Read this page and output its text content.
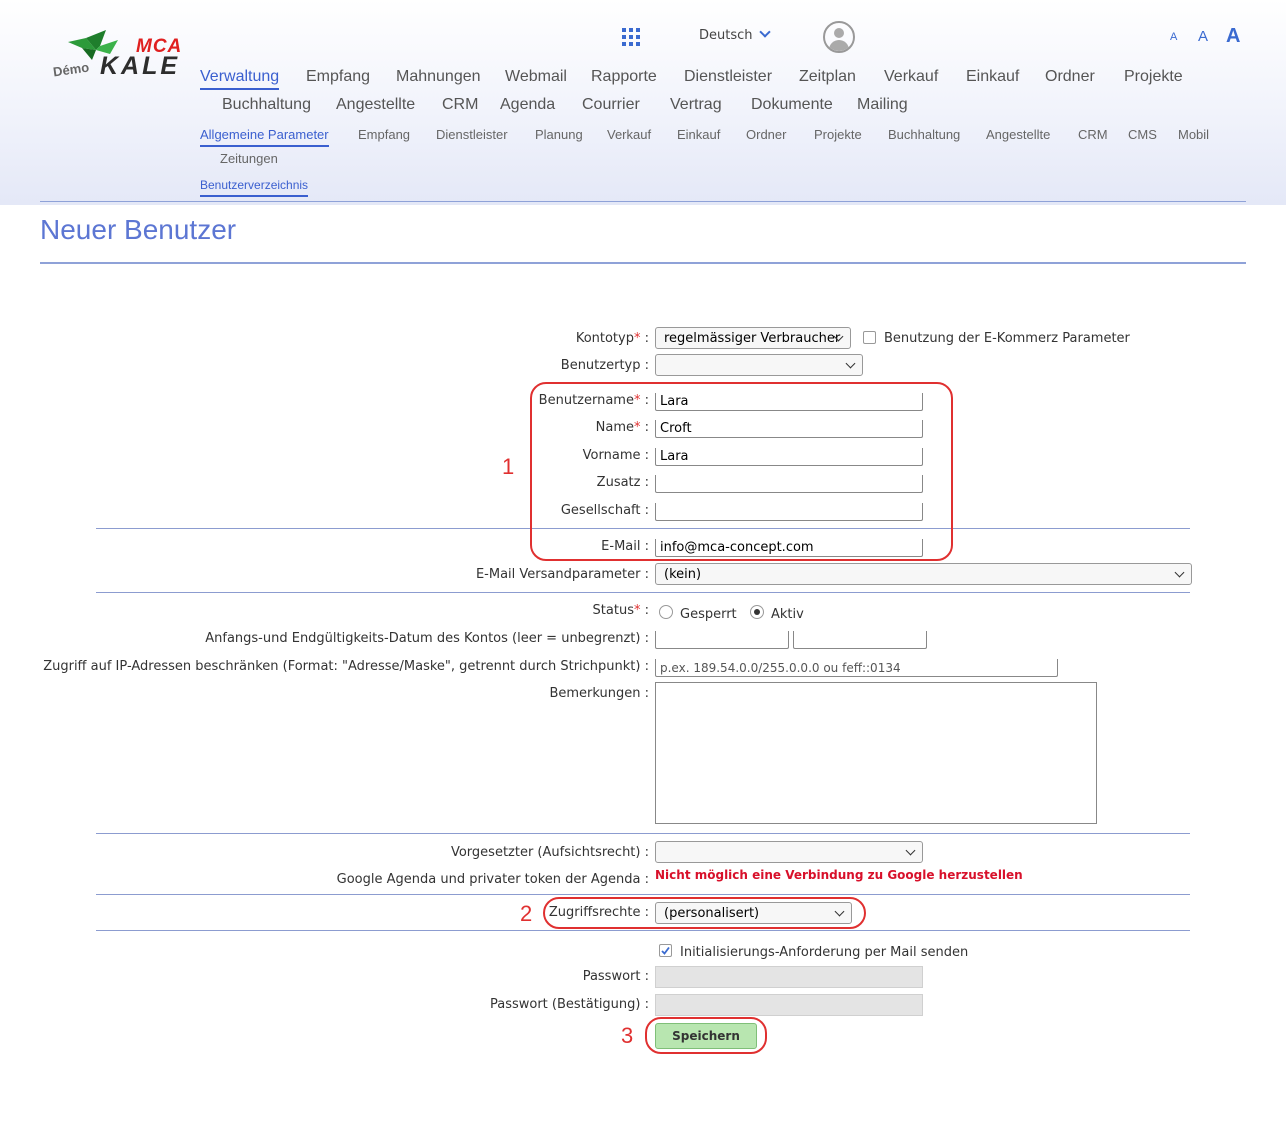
MCA
Démo KALE
Deutsch	A A A
Verwaltung Empfang Mahnungen Webmail Rapporte Dienstleister Zeitplan Verkauf Einkauf Ordner Projekte
Buchhaltung Angestellte CRM Agenda Courrier Vertrag Dokumente Mailing
Allgemeine Parameter Empfang Dienstleister Planung Verkauf Einkauf Ordner Projekte Buchhaltung Angestellte CRM CMS Mobil
Zeitungen
Benutzerverzeichnis
Neuer Benutzer
Kontotyp* : regelmässiger Verbraucher	Benutzung der E-Kommerz Parameter
Benutzertyp :
Benutzername* : Lara
Name* : Croft
Vorname : Lara
Zusatz :
Gesellschaft :
E-Mail : info@mca-concept.com
E-Mail Versandparameter : (kein)
Status* : Gesperrt	Aktiv
Anfangs-und Endgültigkeits-Datum des Kontos (leer = unbegrenzt) :
Zugriff auf IP-Adressen beschränken (Format: "Adresse/Maske", getrennt durch Strichpunkt) : p.ex. 189.54.0.0/255.0.0.0 ou feff::0134
Bemerkungen :
Vorgesetzter (Aufsichtsrecht) :
Google Agenda und privater token der Agenda : Nicht möglich eine Verbindung zu Google herzustellen
Zugriffsrechte : (personalisert)
Initialisierungs-Anforderung per Mail senden
Passwort :
Passwort (Bestätigung) :
Speichern
1
2
3
